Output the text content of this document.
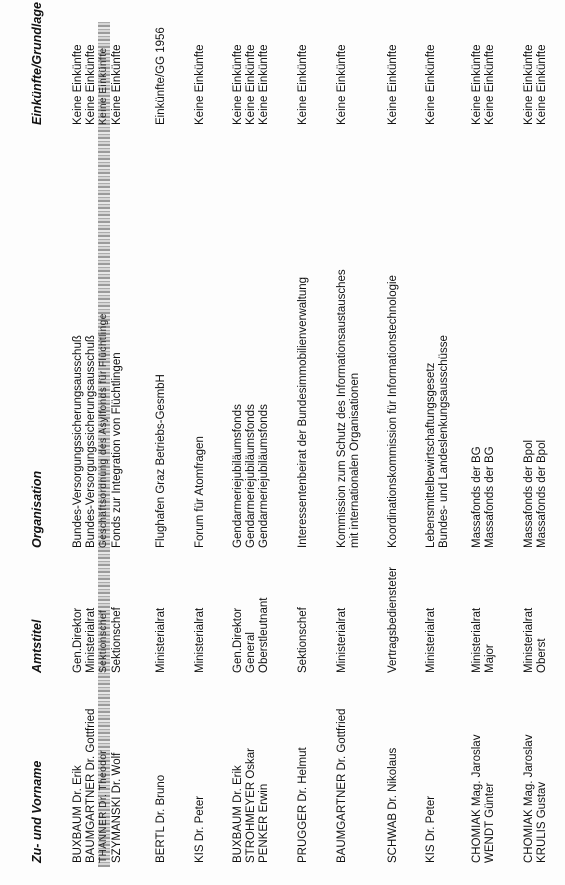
Zu- und Vorname
Amtstitel
Organisation
Einkünfte/Grundlage
BUXBAUM Dr. Erik
Gen.Direktor
Bundes-Versorgungssicherungsausschuß
Keine Einkünfte
BAUMGARTNER Dr. Gottfried
Ministerialrat
Bundes-Versorgungssicherungsausschuß
Keine Einkünfte
THANNER Dr. Theodor
Sektionschef
Geschäftsordnung des Asylfonds für Flüchtlinge
Keine Einkünfte
SZYMANSKI Dr. Wolf
Sektionschef
Fonds zur Integration von Flüchtlingen
Keine Einkünfte
BERTL Dr. Bruno
Ministerialrat
Flughafen Graz Betriebs-GesmbH
Einkünfte/GG 1956
KIS Dr. Peter
Ministerialrat
Forum für Atomfragen
Keine Einkünfte
BUXBAUM Dr. Erik
Gen.Direktor
Gendarmeriejubiläumsfonds
Keine Einkünfte
STROHMEYER Oskar
General
Gendarmeriejubiläumsfonds
Keine Einkünfte
PENKER Erwin
Oberstleutnant
Gendarmeriejubiläumsfonds
Keine Einkünfte
PRUGGER Dr. Helmut
Sektionschef
Interessentenbeirat der Bundesimmobilienverwaltung
Keine Einkünfte
BAUMGARTNER Dr. Gottfried
Ministerialrat
Kommission zum Schutz des Informationsaustausches
Keine Einkünfte
mit internationalen Organisationen
SCHWAB Dr. Nikolaus
Vertragsbediensteter
Koordinationskommission für Informationstechnologie
Keine Einkünfte
KIS Dr. Peter
Ministerialrat
Lebensmittelbewirtschaftungsgesetz
Keine Einkünfte
Bundes- und Landeslenkungsausschüsse
CHOMIAK Mag. Jaroslav
Ministerialrat
Massafonds der BG
Keine Einkünfte
WENDT Günter
Major
Massafonds der BG
Keine Einkünfte
CHOMIAK Mag. Jaroslav
Ministerialrat
Massafonds der Bpol
Keine Einkünfte
KRULIS Gustav
Oberst
Massafonds der Bpol
Keine Einkünfte
